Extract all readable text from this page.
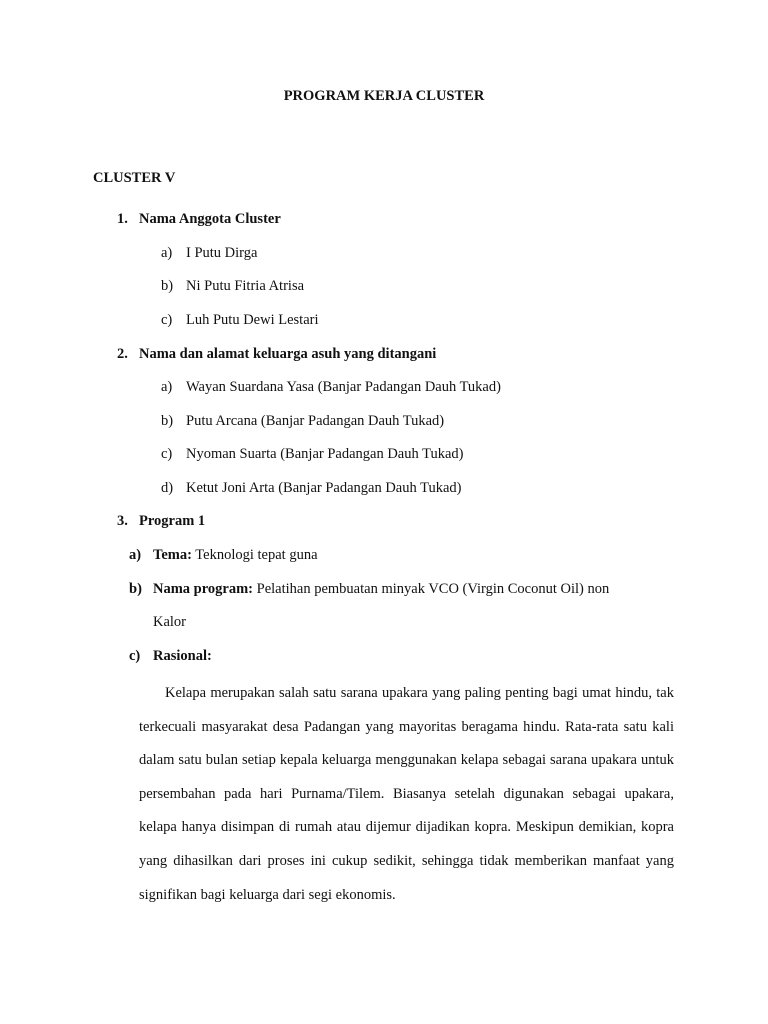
PROGRAM KERJA CLUSTER
CLUSTER V
1. Nama Anggota Cluster
a) I Putu Dirga
b) Ni Putu Fitria Atrisa
c) Luh Putu Dewi Lestari
2. Nama dan alamat keluarga asuh yang ditangani
a) Wayan Suardana Yasa (Banjar Padangan Dauh Tukad)
b) Putu Arcana (Banjar Padangan Dauh Tukad)
c) Nyoman Suarta (Banjar Padangan Dauh Tukad)
d) Ketut Joni Arta (Banjar Padangan Dauh Tukad)
3. Program 1
a) Tema: Teknologi tepat guna
b) Nama program: Pelatihan pembuatan minyak VCO (Virgin Coconut Oil) non
Kalor
c) Rasional:

Kelapa merupakan salah satu sarana upakara yang paling penting bagi umat hindu, tak terkecuali masyarakat desa Padangan yang mayoritas beragama hindu. Rata-rata satu kali dalam satu bulan setiap kepala keluarga menggunakan kelapa sebagai sarana upakara untuk persembahan pada hari Purnama/Tilem. Biasanya setelah digunakan sebagai upakara, kelapa hanya disimpan di rumah atau dijemur dijadikan kopra. Meskipun demikian, kopra yang dihasilkan dari proses ini cukup sedikit, sehingga tidak memberikan manfaat yang signifikan bagi keluarga dari segi ekonomis.
